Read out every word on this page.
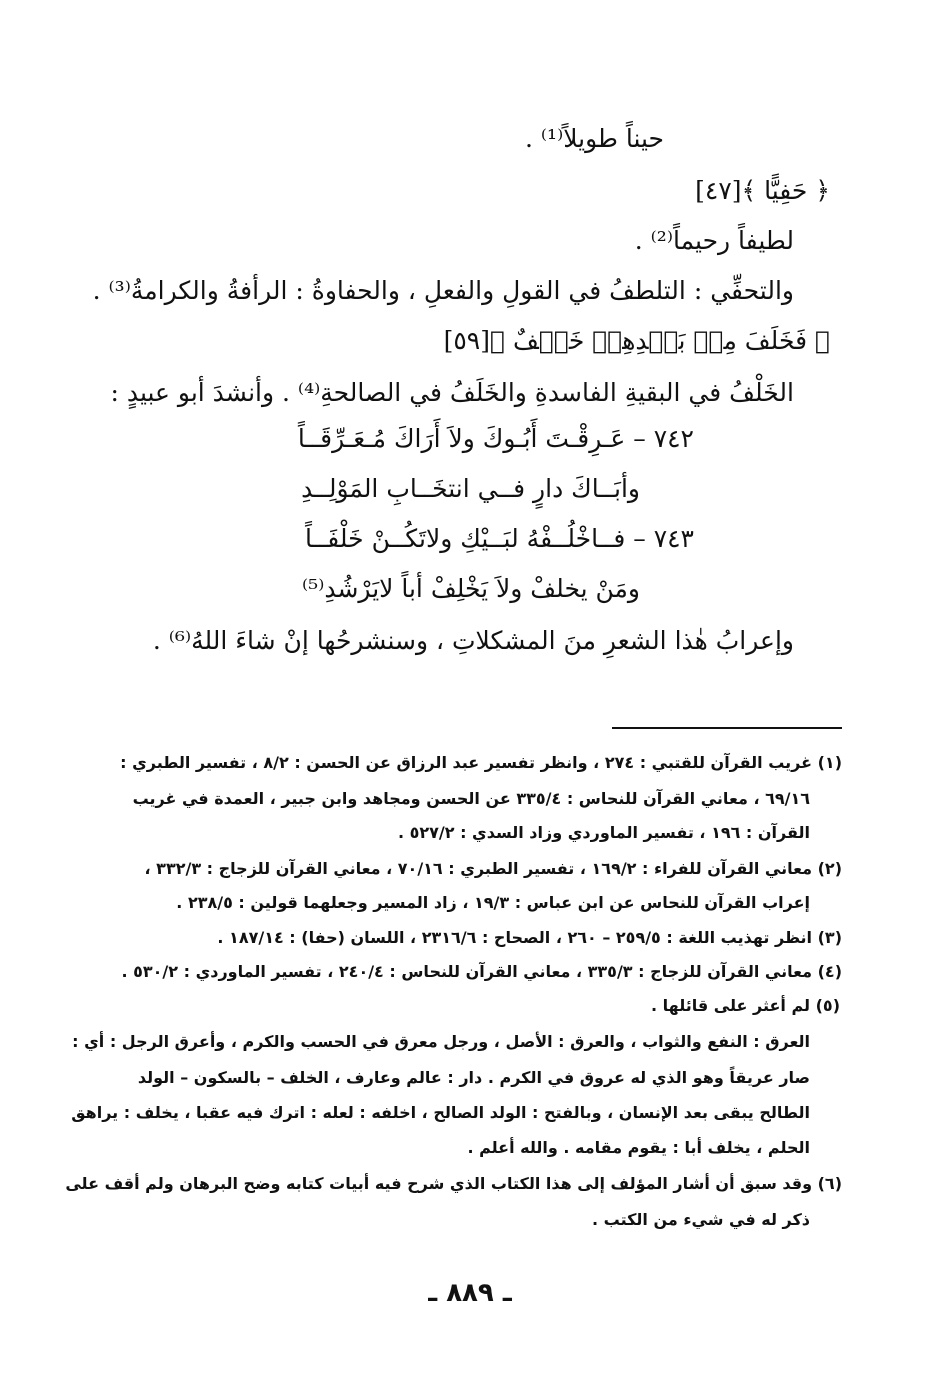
حيناً طويلاً⁽¹⁾ .
﴿ حَفِيًّا ﴾[٤٧]
لطيفاً رحيماً⁽²⁾ .
والتحفِّي : التلطفُ في القولِ والفعلِ ، والحفاوةُ : الرأفةُ والكرامةُ⁽³⁾ .
﴿ فَخَلَفَ مِنۢ بَعۡدِهِمۡ خَلۡفٌ ﴾[٥٩]
الخَلْفُ في البقيةِ الفاسدةِ والخَلَفُ في الصالحةِ⁽⁴⁾ . وأنشدَ أبو عبيدٍ :
٧٤٢ – عَـرِقْـتَ أَبُـوكَ ولاَ أَرَاكَ مُـعَـرِّقَــاً
وأبَــاكَ دارٍ فــي انتخَــابِ المَوْلِــدِ
٧٤٣ – فــاخْلُــفْهُ لبَــيْكِ ولاتَكُــنْ خَلْفَــاً
ومَنْ يخلفْ ولاَ يَخْلِفْ أباً لايَرْشُدِ⁽⁵⁾
وإعرابُ هٰذا الشعرِ منَ المشكلاتِ ، وسنشرحُها إنْ شاءَ اللهُ⁽⁶⁾ .
(١) غريب القرآن للقتبي : ٢٧٤ ، وانظر تفسير عبد الرزاق عن الحسن : ٨/٢ ، تفسير الطبري :
٦٩/١٦ ، معاني القرآن للنحاس : ٣٣٥/٤ عن الحسن ومجاهد وابن جبير ، العمدة في غريب
القرآن : ١٩٦ ، تفسير الماوردي وزاد السدي : ٥٢٧/٢ .
(٢) معاني القرآن للفراء : ١٦٩/٢ ، تفسير الطبري : ٧٠/١٦ ، معاني القرآن للزجاج : ٣٣٢/٣ ،
إعراب القرآن للنحاس عن ابن عباس : ١٩/٣ ، زاد المسير وجعلهما قولين : ٢٣٨/٥ .
(٣) انظر تهذيب اللغة : ٢٥٩/٥ – ٢٦٠ ، الصحاح : ٢٣١٦/٦ ، اللسان (حفا) : ١٨٧/١٤ .
(٤) معاني القرآن للزجاج : ٣٣٥/٣ ، معاني القرآن للنحاس : ٢٤٠/٤ ، تفسير الماوردي : ٥٣٠/٢ .
(٥) لم أعثر على قائلها .
العرق : النفع والثواب ، والعرق : الأصل ، ورجل معرق في الحسب والكرم ، وأعرق الرجل : أي :
صار عريقاً وهو الذي له عروق في الكرم . دار : عالم وعارف ، الخلف – بالسكون – الولد
الطالح يبقى بعد الإنسان ، وبالفتح : الولد الصالح ، اخلفه : لعله : اترك فيه عقبا ، يخلف : يراهق
الحلم ، يخلف أبا : يقوم مقامه . والله أعلم .
(٦) وقد سبق أن أشار المؤلف إلى هذا الكتاب الذي شرح فيه أبيات كتابه وضح البرهان ولم أقف على
ذكر له في شيء من الكتب .
ـ ٨٨٩ ـ
